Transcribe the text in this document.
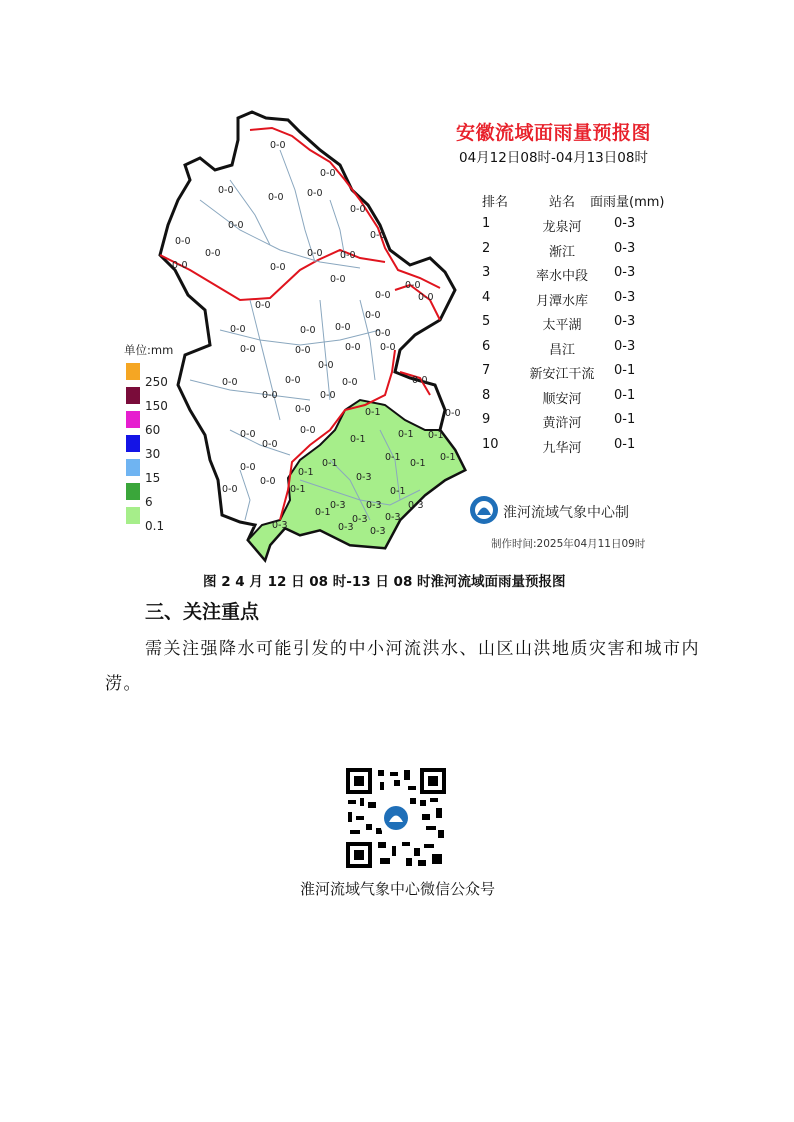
0-0
0-0
0-0
0-0 0-0
0-0
0-0
0-0
0-0
0-0	0-0 0-0
0-0	0-0
0-0
0-0
0-0	0-0
0-0
0-0
0-0	0-0 0-0
0-0
0-0	0-0	0-0 0-0
0-0
0-0	0-0	0-0	0-0
0-0	0-0
0-0	0-0
0-0	0-0
0-0
0-0
0-0
0-0
0-1
0-1 0-1
0-1
0-1
0-1
0-1
0-1
0-1
0-1	0-1
0-3
0-3 0-3	0-3
0-3 0-3
0-3 0-3
0-1
0-3
安徽流域面雨量预报图
04月12日08时-04月13日08时
排名	站名	面雨量(mm)
1	龙泉河	0-3
2	渐江	0-3
3	率水中段	0-3
4	月潭水库	0-3
5	太平湖	0-3
6	昌江	0-3
7	新安江干流	0-1
8	顺安河	0-1
9	黄浒河	0-1
10	九华河	0-1
单位:mm
250
150
60
30
15
6
0.1
淮河流域气象中心制
制作时间:2025年04月11日09时
图 2 4 月 12 日 08 时-13 日 08 时淮河流域面雨量预报图
三、关注重点

需关注强降水可能引发的中小河流洪水、山区山洪地质灾害和城市内涝。

淮河流域气象中心微信公众号
